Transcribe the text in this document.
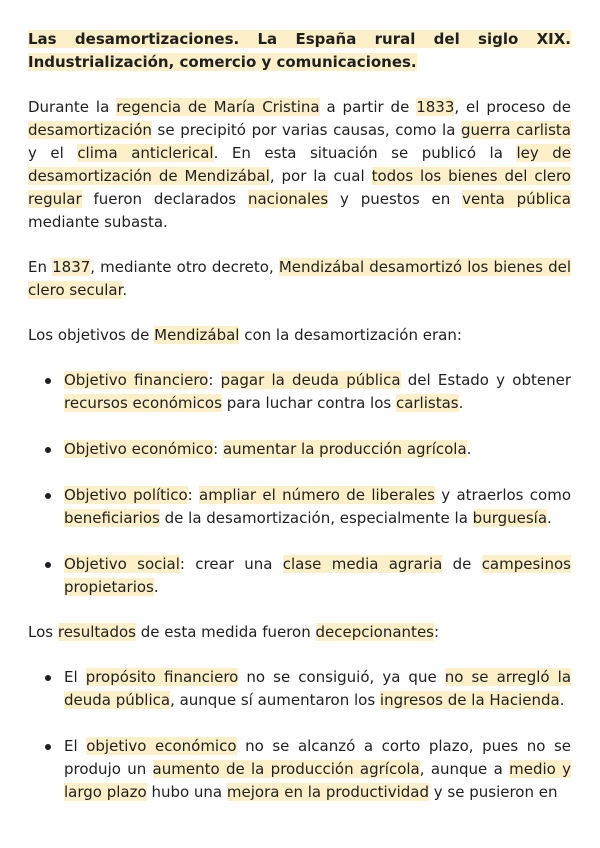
Las desamortizaciones. La España rural del siglo XIX. Industrialización, comercio y comunicaciones.

Durante la regencia de María Cristina a partir de 1833, el proceso de desamortización se precipitó por varias causas, como la guerra carlista y el clima anticlerical. En esta situación se publicó la ley de desamortización de Mendizábal, por la cual todos los bienes del clero regular fueron declarados nacionales y puestos en venta pública mediante subasta.

En 1837, mediante otro decreto, Mendizábal desamortizó los bienes del clero secular.

Los objetivos de Mendizábal con la desamortización eran:

Objetivo financiero: pagar la deuda pública del Estado y obtener recursos económicos para luchar contra los carlistas.
Objetivo económico: aumentar la producción agrícola.
Objetivo político: ampliar el número de liberales y atraerlos como beneficiarios de la desamortización, especialmente la burguesía.
Objetivo social: crear una clase media agraria de campesinos propietarios.

Los resultados de esta medida fueron decepcionantes:

El propósito financiero no se consiguió, ya que no se arregló la deuda pública, aunque sí aumentaron los ingresos de la Hacienda.
El objetivo económico no se alcanzó a corto plazo, pues no se produjo un aumento de la producción agrícola, aunque a medio y largo plazo hubo una mejora en la productividad y se pusieron en
